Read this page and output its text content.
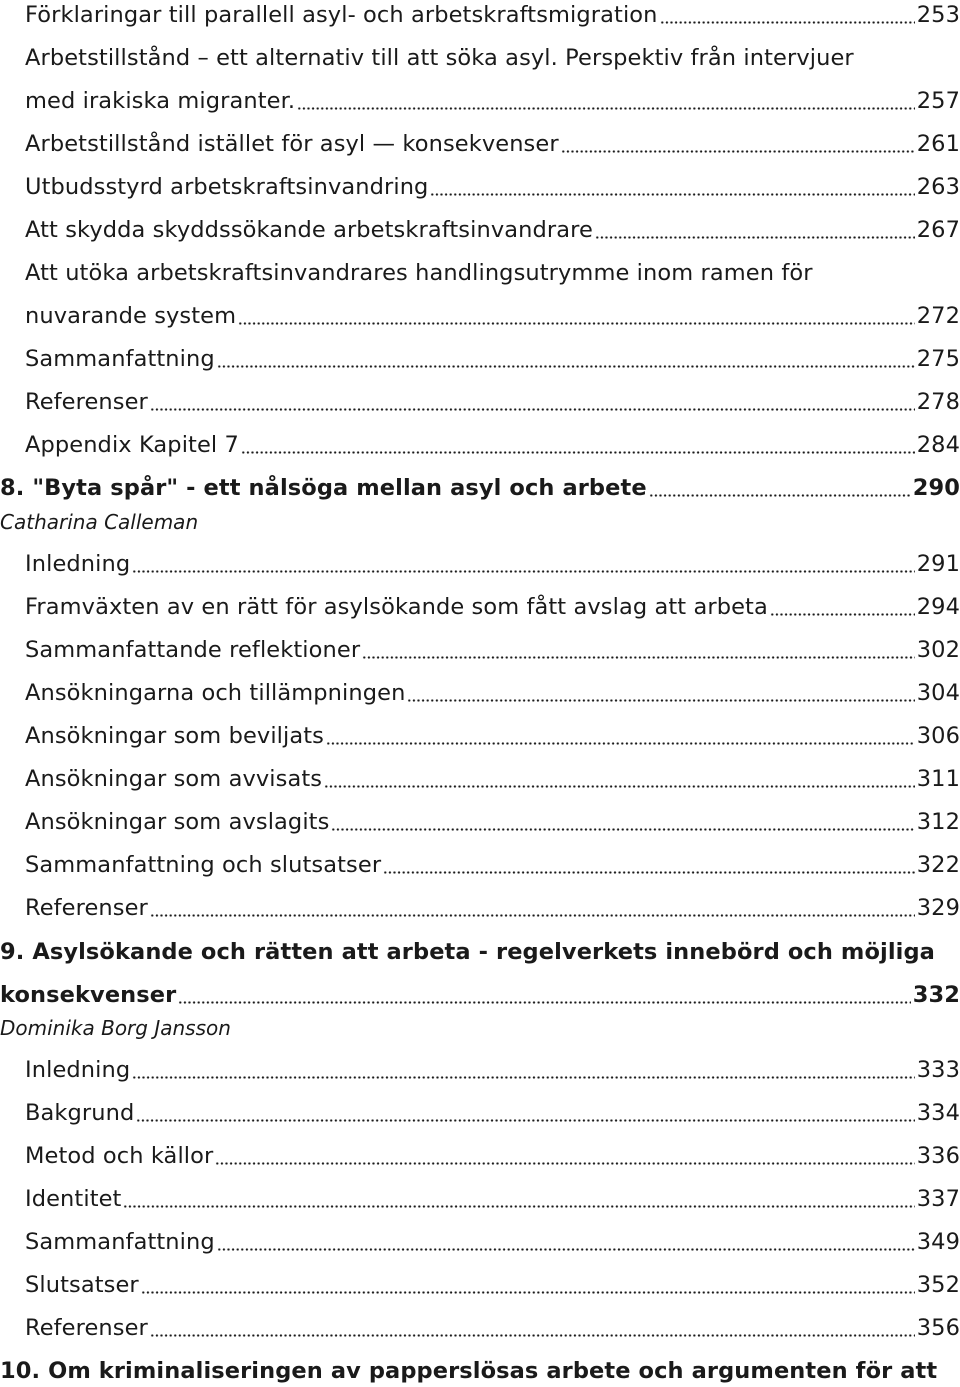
Förklaringar till parallell asyl- och arbetskraftsmigration	253
Arbetstillstånd – ett alternativ till att söka asyl. Perspektiv från intervjuer
med irakiska migranter.	257
Arbetstillstånd istället för asyl — konsekvenser	261
Utbudsstyrd arbetskraftsinvandring	263
Att skydda skyddssökande arbetskraftsinvandrare	267
Att utöka arbetskraftsinvandrares handlingsutrymme inom ramen för
nuvarande system	272
Sammanfattning	275
Referenser	278
Appendix Kapitel 7	284
8. "Byta spår" - ett nålsöga mellan asyl och arbete	290
Catharina Calleman
Inledning	291
Framväxten av en rätt för asylsökande som fått avslag att arbeta	294
Sammanfattande reflektioner	302
Ansökningarna och tillämpningen	304
Ansökningar som beviljats	306
Ansökningar som avvisats	311
Ansökningar som avslagits	312
Sammanfattning och slutsatser	322
Referenser	329
9. Asylsökande och rätten att arbeta - regelverkets innebörd och möjliga
konsekvenser	332
Dominika Borg Jansson
Inledning	333
Bakgrund	334
Metod och källor	336
Identitet	337
Sammanfattning	349
Slutsatser	352
Referenser	356
10. Om kriminaliseringen av papperslösas arbete och argumenten för att
